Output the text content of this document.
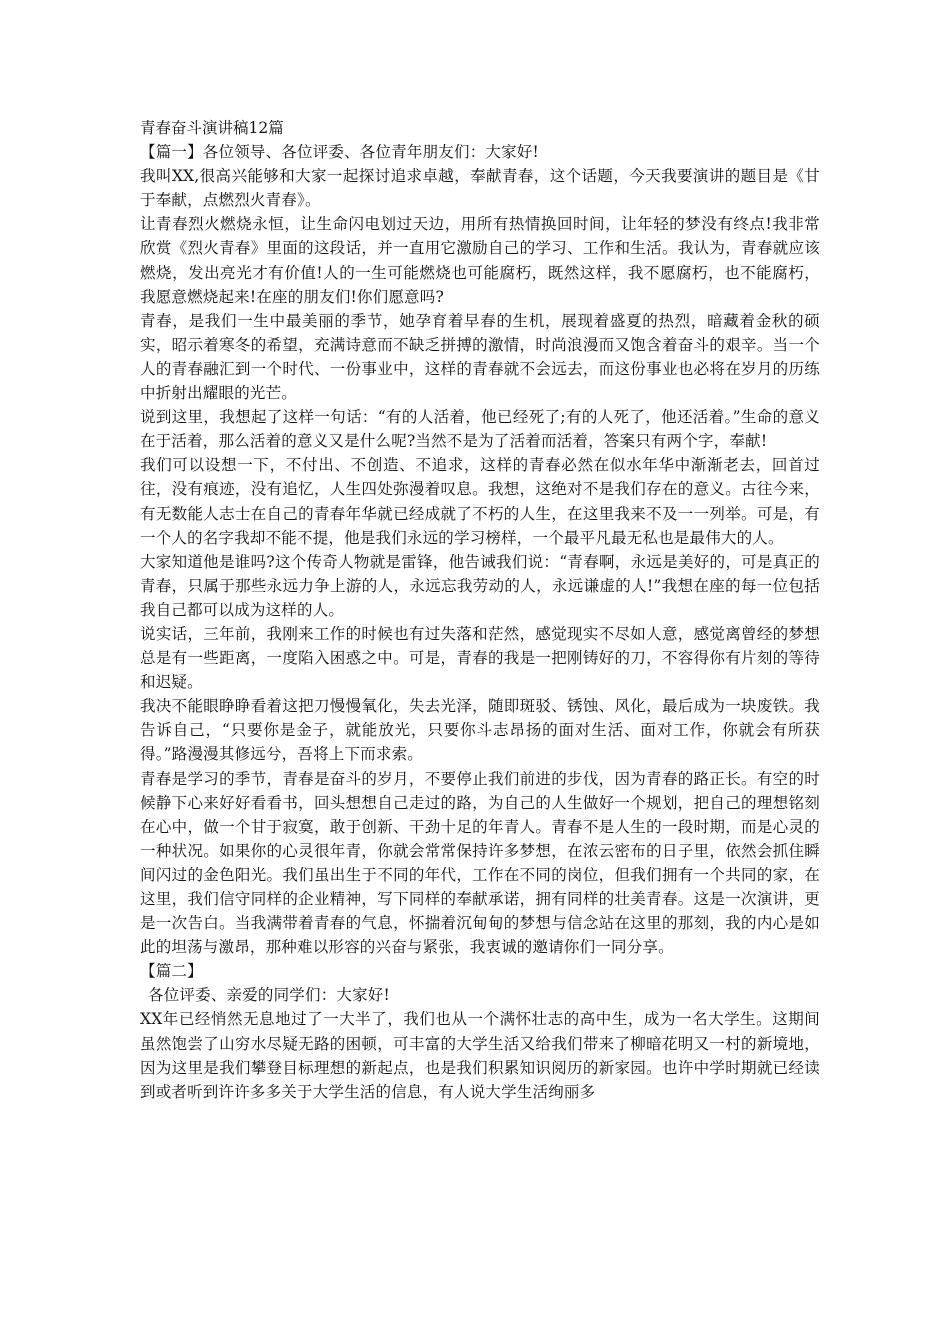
青春奋斗演讲稿12篇

【篇一】各位领导、各位评委、各位青年朋友们：大家好!

我叫XX,很高兴能够和大家一起探讨追求卓越，奉献青春，这个话题，今天我要演讲的题目是《甘于奉献，点燃烈火青春》。

让青春烈火燃烧永恒，让生命闪电划过天边，用所有热情换回时间，让年轻的梦没有终点!我非常欣赏《烈火青春》里面的这段话，并一直用它激励自己的学习、工作和生活。我认为，青春就应该燃烧，发出亮光才有价值!人的一生可能燃烧也可能腐朽，既然这样，我不愿腐朽，也不能腐朽，我愿意燃烧起来!在座的朋友们!你们愿意吗?

青春，是我们一生中最美丽的季节，她孕育着早春的生机，展现着盛夏的热烈，暗藏着金秋的硕实，昭示着寒冬的希望，充满诗意而不缺乏拼搏的激情，时尚浪漫而又饱含着奋斗的艰辛。当一个人的青春融汇到一个时代、一份事业中，这样的青春就不会远去，而这份事业也必将在岁月的历练中折射出耀眼的光芒。

说到这里，我想起了这样一句话：“有的人活着，他已经死了;有的人死了，他还活着。”生命的意义在于活着，那么活着的意义又是什么呢?当然不是为了活着而活着，答案只有两个字，奉献!

我们可以设想一下，不付出、不创造、不追求，这样的青春必然在似水年华中渐渐老去，回首过往，没有痕迹，没有追忆，人生四处弥漫着叹息。我想，这绝对不是我们存在的意义。古往今来，有无数能人志士在自己的青春年华就已经成就了不朽的人生，在这里我来不及一一列举。可是，有一个人的名字我却不能不提，他是我们永远的学习榜样，一个最平凡最无私也是最伟大的人。

大家知道他是谁吗?这个传奇人物就是雷锋，他告诫我们说：“青春啊，永远是美好的，可是真正的青春，只属于那些永远力争上游的人，永远忘我劳动的人，永远谦虚的人!”我想在座的每一位包括我自己都可以成为这样的人。

说实话，三年前，我刚来工作的时候也有过失落和茫然，感觉现实不尽如人意，感觉离曾经的梦想总是有一些距离，一度陷入困惑之中。可是，青春的我是一把刚铸好的刀，不容得你有片刻的等待和迟疑。

我决不能眼睁睁看着这把刀慢慢氧化，失去光泽，随即斑驳、锈蚀、风化，最后成为一块废铁。我告诉自己，“只要你是金子，就能放光，只要你斗志昂扬的面对生活、面对工作，你就会有所获得。”路漫漫其修远兮，吾将上下而求索。

青春是学习的季节，青春是奋斗的岁月，不要停止我们前进的步伐，因为青春的路正长。有空的时候静下心来好好看看书，回头想想自己走过的路，为自己的人生做好一个规划，把自己的理想铭刻在心中，做一个甘于寂寞，敢于创新、干劲十足的年青人。青春不是人生的一段时期，而是心灵的一种状况。如果你的心灵很年青，你就会常常保持许多梦想，在浓云密布的日子里，依然会抓住瞬间闪过的金色阳光。我们虽出生于不同的年代，工作在不同的岗位，但我们拥有一个共同的家，在这里，我们信守同样的企业精神，写下同样的奉献承诺，拥有同样的壮美青春。这是一次演讲，更是一次告白。当我满带着青春的气息，怀揣着沉甸甸的梦想与信念站在这里的那刻，我的内心是如此的坦荡与激昂，那种难以形容的兴奋与紧张，我衷诚的邀请你们一同分享。

【篇二】

各位评委、亲爱的同学们：大家好!

XX年已经悄然无息地过了一大半了，我们也从一个满怀壮志的高中生，成为一名大学生。这期间虽然饱尝了山穷水尽疑无路的困顿，可丰富的大学生活又给我们带来了柳暗花明又一村的新境地，因为这里是我们攀登目标理想的新起点，也是我们积累知识阅历的新家园。也许中学时期就已经读到或者听到许许多多关于大学生活的信息，有人说大学生活绚丽多
